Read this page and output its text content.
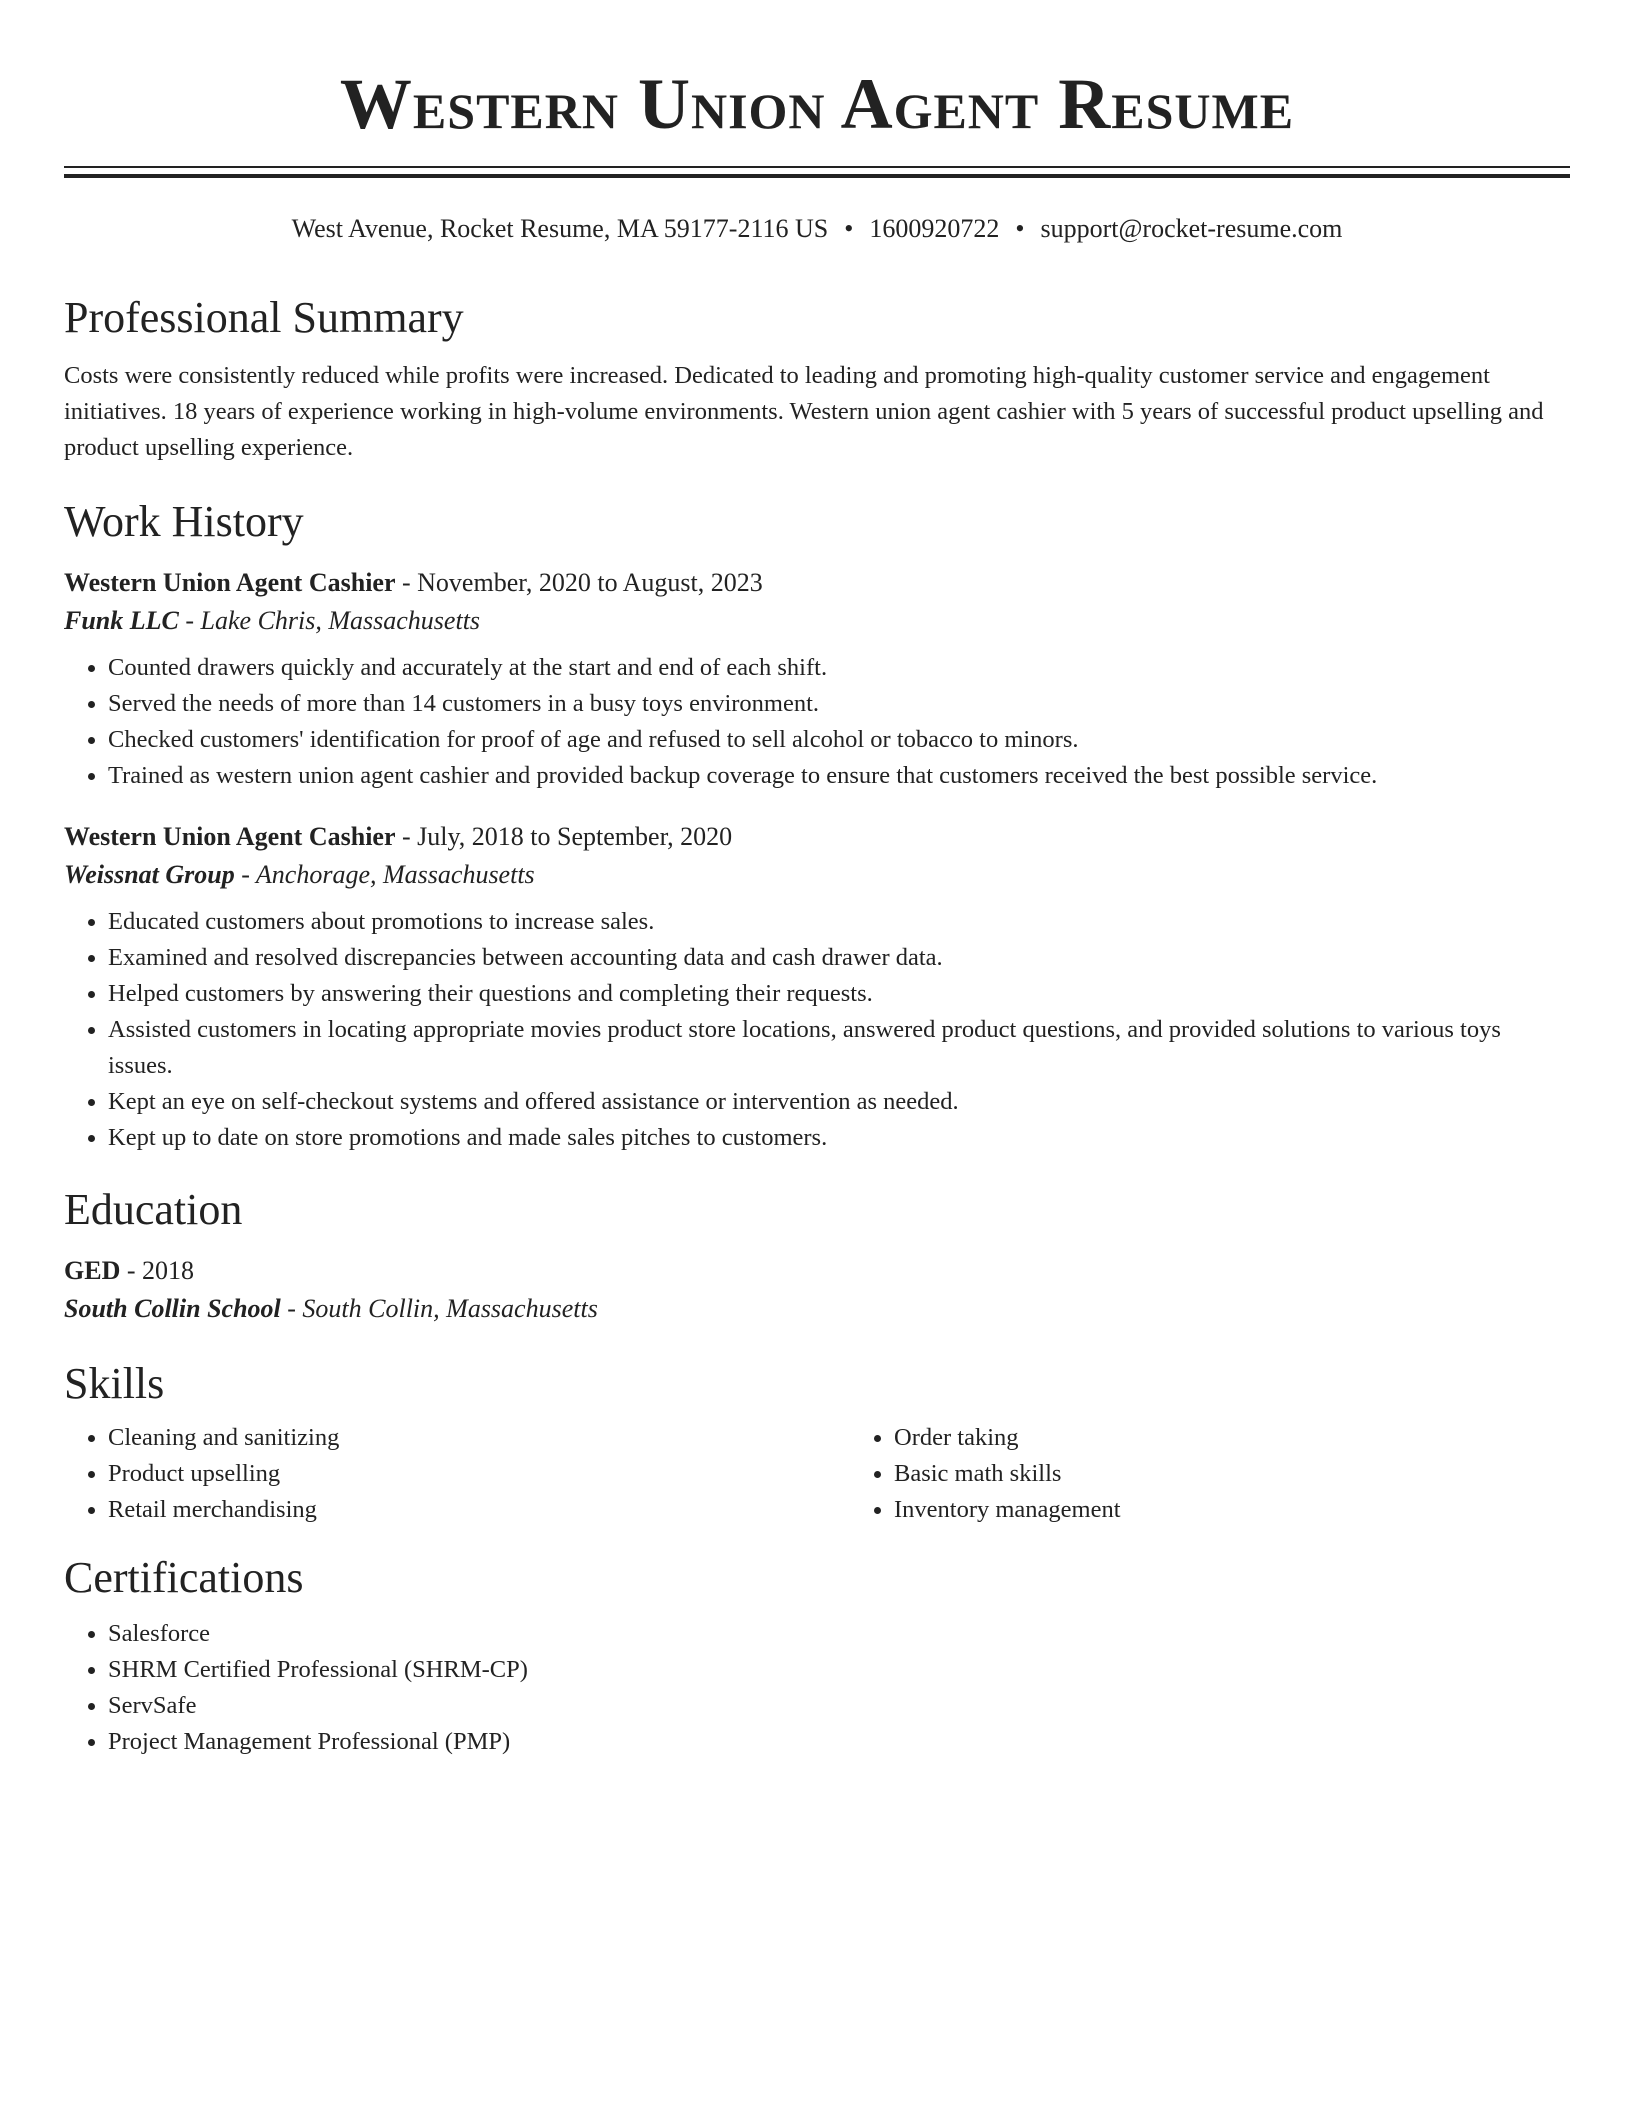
Western Union Agent Resume
West Avenue, Rocket Resume, MA 59177-2116 US • 1600920722 • support@rocket-resume.com
Professional Summary
Costs were consistently reduced while profits were increased. Dedicated to leading and promoting high-quality customer service and engagement initiatives. 18 years of experience working in high-volume environments. Western union agent cashier with 5 years of successful product upselling and product upselling experience.
Work History
Western Union Agent Cashier - November, 2020 to August, 2023
Funk LLC - Lake Chris, Massachusetts
• Counted drawers quickly and accurately at the start and end of each shift.
• Served the needs of more than 14 customers in a busy toys environment.
• Checked customers' identification for proof of age and refused to sell alcohol or tobacco to minors.
• Trained as western union agent cashier and provided backup coverage to ensure that customers received the best possible service.
Western Union Agent Cashier - July, 2018 to September, 2020
Weissnat Group - Anchorage, Massachusetts
• Educated customers about promotions to increase sales.
• Examined and resolved discrepancies between accounting data and cash drawer data.
• Helped customers by answering their questions and completing their requests.
• Assisted customers in locating appropriate movies product store locations, answered product questions, and provided solutions to various toys issues.
• Kept an eye on self-checkout systems and offered assistance or intervention as needed.
• Kept up to date on store promotions and made sales pitches to customers.
Education
GED - 2018
South Collin School - South Collin, Massachusetts
Skills
• Cleaning and sanitizing
• Product upselling
• Retail merchandising
• Order taking
• Basic math skills
• Inventory management
Certifications
• Salesforce
• SHRM Certified Professional (SHRM-CP)
• ServSafe
• Project Management Professional (PMP)
